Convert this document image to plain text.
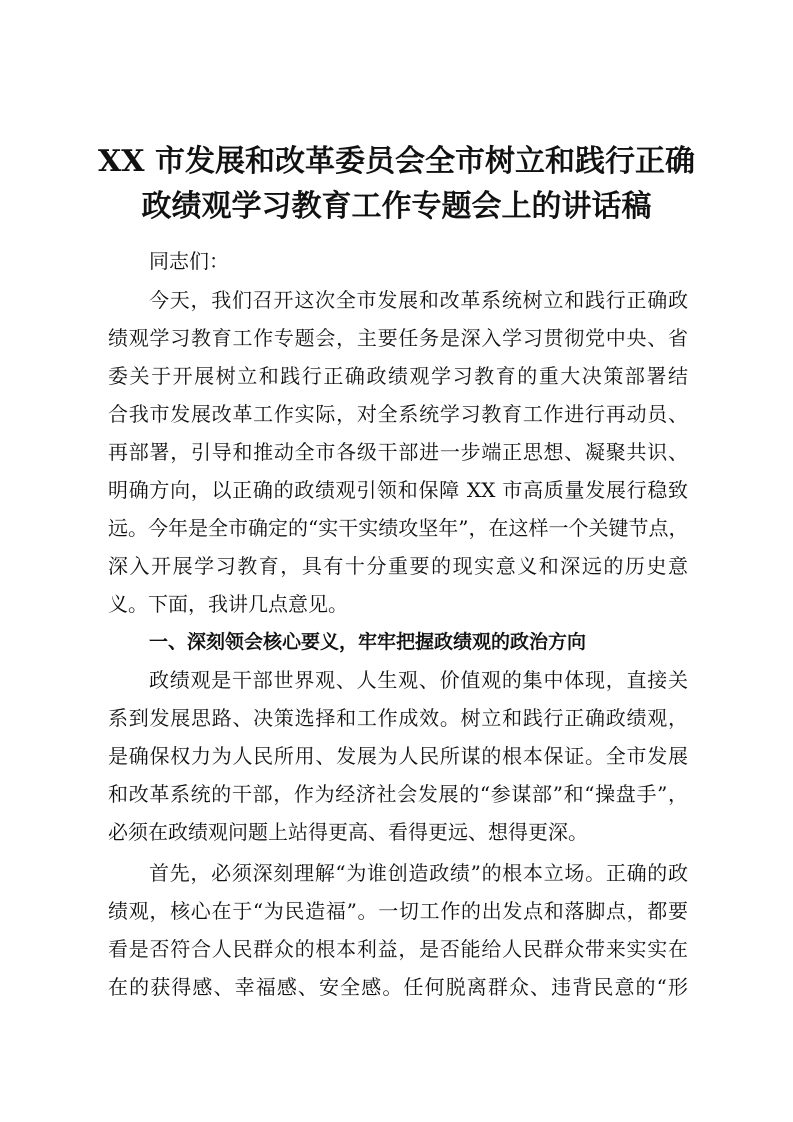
XX 市发展和改革委员会全市树立和践行正确
政绩观学习教育工作专题会上的讲话稿
同志们：
今天，我们召开这次全市发展和改革系统树立和践行正确政
绩观学习教育工作专题会，主要任务是深入学习贯彻党中央、省
委关于开展树立和践行正确政绩观学习教育的重大决策部署结
合我市发展改革工作实际，对全系统学习教育工作进行再动员、
再部署，引导和推动全市各级干部进一步端正思想、凝聚共识、
明确方向，以正确的政绩观引领和保障 XX 市高质量发展行稳致
远。今年是全市确定的“实干实绩攻坚年”，在这样一个关键节点，
深入开展学习教育，具有十分重要的现实意义和深远的历史意
义。下面，我讲几点意见。
一、深刻领会核心要义，牢牢把握政绩观的政治方向
政绩观是干部世界观、人生观、价值观的集中体现，直接关
系到发展思路、决策选择和工作成效。树立和践行正确政绩观，
是确保权力为人民所用、发展为人民所谋的根本保证。全市发展
和改革系统的干部，作为经济社会发展的“参谋部”和“操盘手”，
必须在政绩观问题上站得更高、看得更远、想得更深。
首先，必须深刻理解“为谁创造政绩”的根本立场。正确的政
绩观，核心在于“为民造福”。一切工作的出发点和落脚点，都要
看是否符合人民群众的根本利益，是否能给人民群众带来实实在
在的获得感、幸福感、安全感。任何脱离群众、违背民意的“形
